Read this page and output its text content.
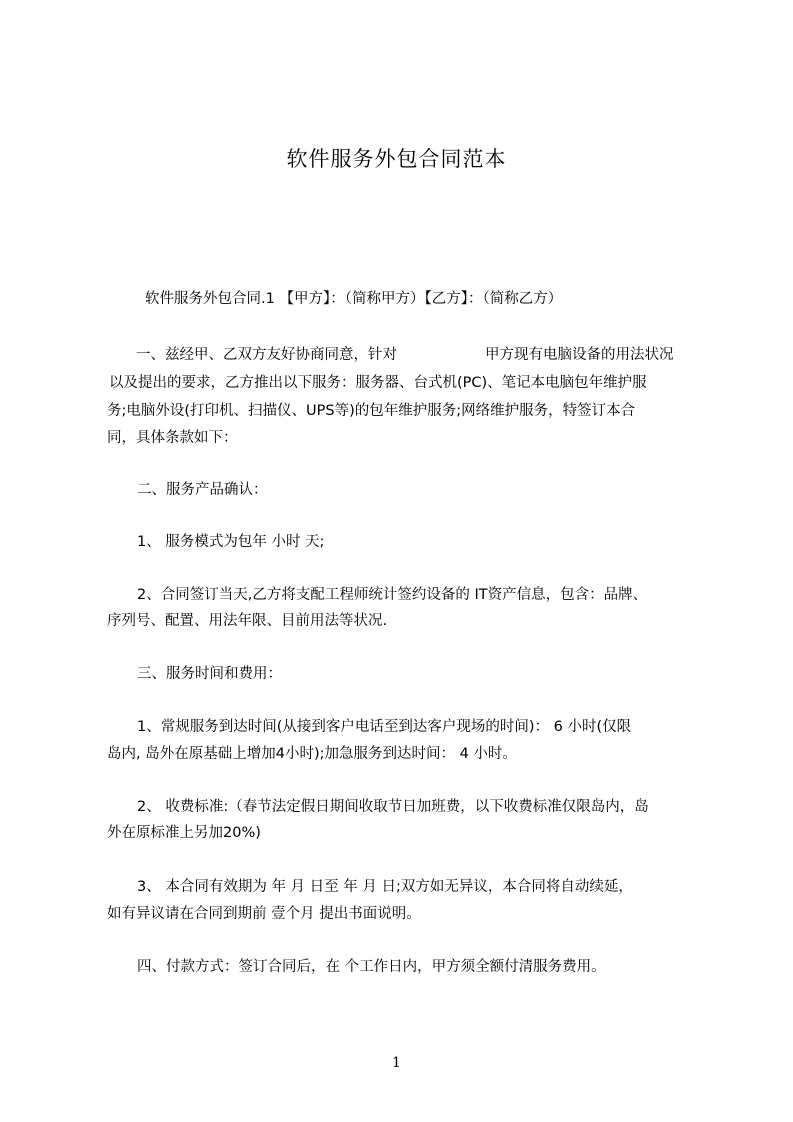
软件服务外包合同范本
软件服务外包合同.1 【甲方】：（简称甲方）【乙方】：（简称乙方）
一、兹经甲、乙双方友好协商同意，针对	甲方现有电脑设备的用法状况
以及提出的要求，乙方推出以下服务：服务器、台式机(PC)、笔记本电脑包年维护服
务;电脑外设(打印机、扫描仪、UPS等)的包年维护服务;网络维护服务，特签订本合
同，具体条款如下：
二、服务产品确认：
1、 服务模式为包年 小时 天;
2、合同签订当天,乙方将支配工程师统计签约设备的 IT资产信息，包含：品牌、
序列号、配置、用法年限、目前用法等状况.
三、服务时间和费用：
1、常规服务到达时间(从接到客户电话至到达客户现场的时间)： 6 小时(仅限
岛内, 岛外在原基础上增加4小时);加急服务到达时间： 4 小时。
2、 收费标准:（春节法定假日期间收取节日加班费，以下收费标准仅限岛内，岛
外在原标准上另加20%)
3、 本合同有效期为 年 月 日至 年 月 日;双方如无异议，本合同将自动续延，
如有异议请在合同到期前 壹个月 提出书面说明。
四、付款方式：签订合同后，在 个工作日内，甲方须全额付清服务费用。
1
